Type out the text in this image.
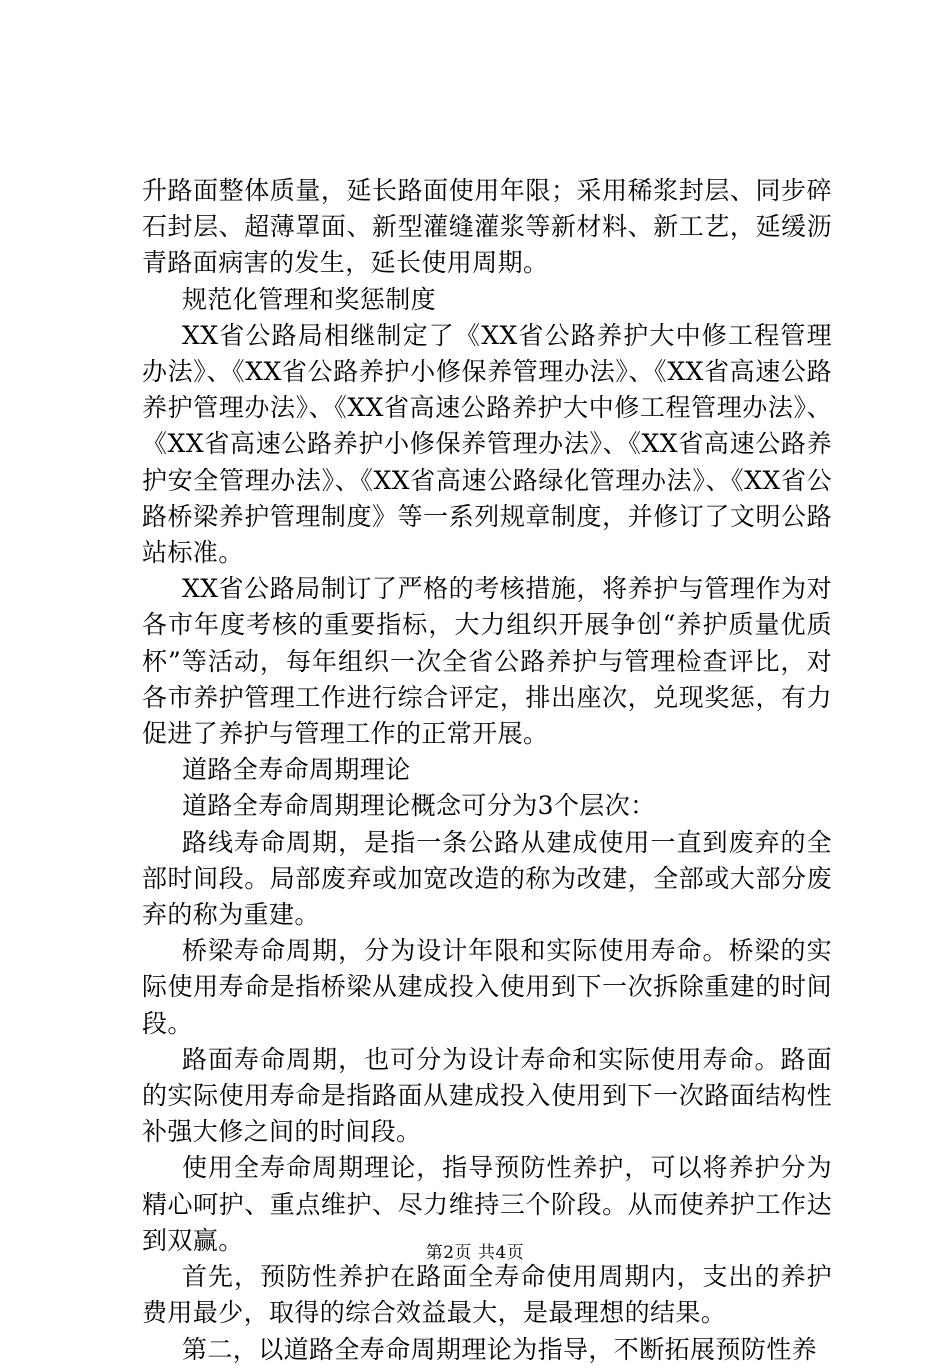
升路面整体质量，延长路面使用年限；采用稀浆封层、同步碎石封层、超薄罩面、新型灌缝灌浆等新材料、新工艺，延缓沥青路面病害的发生，延长使用周期。

规范化管理和奖惩制度

XX省公路局相继制定了《XX省公路养护大中修工程管理办法》、《XX省公路养护小修保养管理办法》、《XX省高速公路养护管理办法》、《XX省高速公路养护大中修工程管理办法》、《XX省高速公路养护小修保养管理办法》、《XX省高速公路养护安全管理办法》、《XX省高速公路绿化管理办法》、《XX省公路桥梁养护管理制度》等一系列规章制度，并修订了文明公路站标准。

XX省公路局制订了严格的考核措施，将养护与管理作为对各市年度考核的重要指标，大力组织开展争创“养护质量优质杯”等活动，每年组织一次全省公路养护与管理检查评比，对各市养护管理工作进行综合评定，排出座次，兑现奖惩，有力促进了养护与管理工作的正常开展。

道路全寿命周期理论

道路全寿命周期理论概念可分为3个层次：

路线寿命周期，是指一条公路从建成使用一直到废弃的全部时间段。局部废弃或加宽改造的称为改建，全部或大部分废弃的称为重建。

桥梁寿命周期，分为设计年限和实际使用寿命。桥梁的实际使用寿命是指桥梁从建成投入使用到下一次拆除重建的时间段。

路面寿命周期，也可分为设计寿命和实际使用寿命。路面的实际使用寿命是指路面从建成投入使用到下一次路面结构性补强大修之间的时间段。

使用全寿命周期理论，指导预防性养护，可以将养护分为精心呵护、重点维护、尽力维持三个阶段。从而使养护工作达到双赢。

首先，预防性养护在路面全寿命使用周期内，支出的养护费用最少，取得的综合效益最大，是最理想的结果。

第二，以道路全寿命周期理论为指导，不断拓展预防性养

第2页 共4页
